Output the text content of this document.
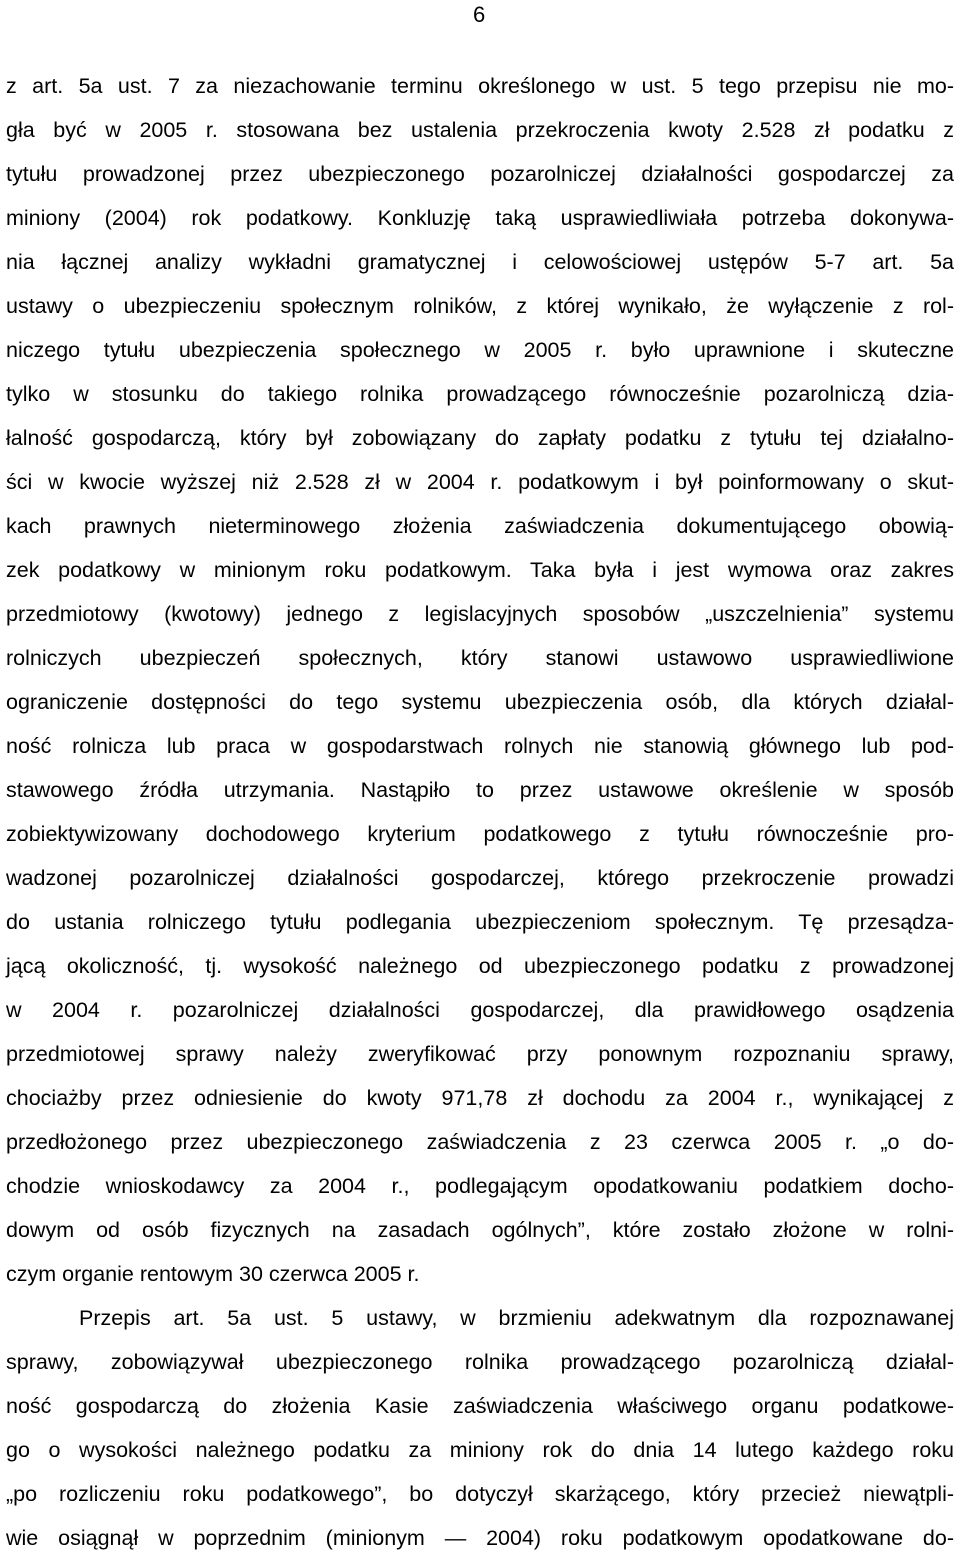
6
z art. 5a ust. 7 za niezachowanie terminu określonego w ust. 5 tego przepisu nie mo-
gła być w 2005 r. stosowana bez ustalenia przekroczenia kwoty 2.528 zł podatku z
tytułu prowadzonej przez ubezpieczonego pozarolniczej działalności gospodarczej za
miniony (2004) rok podatkowy. Konkluzję taką usprawiedliwiała potrzeba dokonywa-
nia łącznej analizy wykładni gramatycznej i celowościowej ustępów 5-7 art. 5a
ustawy o ubezpieczeniu społecznym rolników, z której wynikało, że wyłączenie z rol-
niczego tytułu ubezpieczenia społecznego w 2005 r. było uprawnione i skuteczne
tylko w stosunku do takiego rolnika prowadzącego równocześnie pozarolniczą dzia-
łalność gospodarczą, który był zobowiązany do zapłaty podatku z tytułu tej działalno-
ści w kwocie wyższej niż 2.528 zł w 2004 r. podatkowym i był poinformowany o skut-
kach prawnych nieterminowego złożenia zaświadczenia dokumentującego obowią-
zek podatkowy w minionym roku podatkowym. Taka była i jest wymowa oraz zakres
przedmiotowy (kwotowy) jednego z legislacyjnych sposobów „uszczelnienia” systemu
rolniczych ubezpieczeń społecznych, który stanowi ustawowo usprawiedliwione
ograniczenie dostępności do tego systemu ubezpieczenia osób, dla których działal-
ność rolnicza lub praca w gospodarstwach rolnych nie stanowią głównego lub pod-
stawowego źródła utrzymania. Nastąpiło to przez ustawowe określenie w sposób
zobiektywizowany dochodowego kryterium podatkowego z tytułu równocześnie pro-
wadzonej pozarolniczej działalności gospodarczej, którego przekroczenie prowadzi
do ustania rolniczego tytułu podlegania ubezpieczeniom społecznym. Tę przesądza-
jącą okoliczność, tj. wysokość należnego od ubezpieczonego podatku z prowadzonej
w 2004 r. pozarolniczej działalności gospodarczej, dla prawidłowego osądzenia
przedmiotowej sprawy należy zweryfikować przy ponownym rozpoznaniu sprawy,
chociażby przez odniesienie do kwoty 971,78 zł dochodu za 2004 r., wynikającej z
przedłożonego przez ubezpieczonego zaświadczenia z 23 czerwca 2005 r. „o do-
chodzie wnioskodawcy za 2004 r., podlegającym opodatkowaniu podatkiem docho-
dowym od osób fizycznych na zasadach ogólnych”, które zostało złożone w rolni-
czym organie rentowym 30 czerwca 2005 r.
Przepis art. 5a ust. 5 ustawy, w brzmieniu adekwatnym dla rozpoznawanej
sprawy, zobowiązywał ubezpieczonego rolnika prowadzącego pozarolniczą działal-
ność gospodarczą do złożenia Kasie zaświadczenia właściwego organu podatkowe-
go o wysokości należnego podatku za miniony rok do dnia 14 lutego każdego roku
„po rozliczeniu roku podatkowego”, bo dotyczył skarżącego, który przecież niewątpli-
wie osiągnął w poprzednim (minionym — 2004) roku podatkowym opodatkowane do-
